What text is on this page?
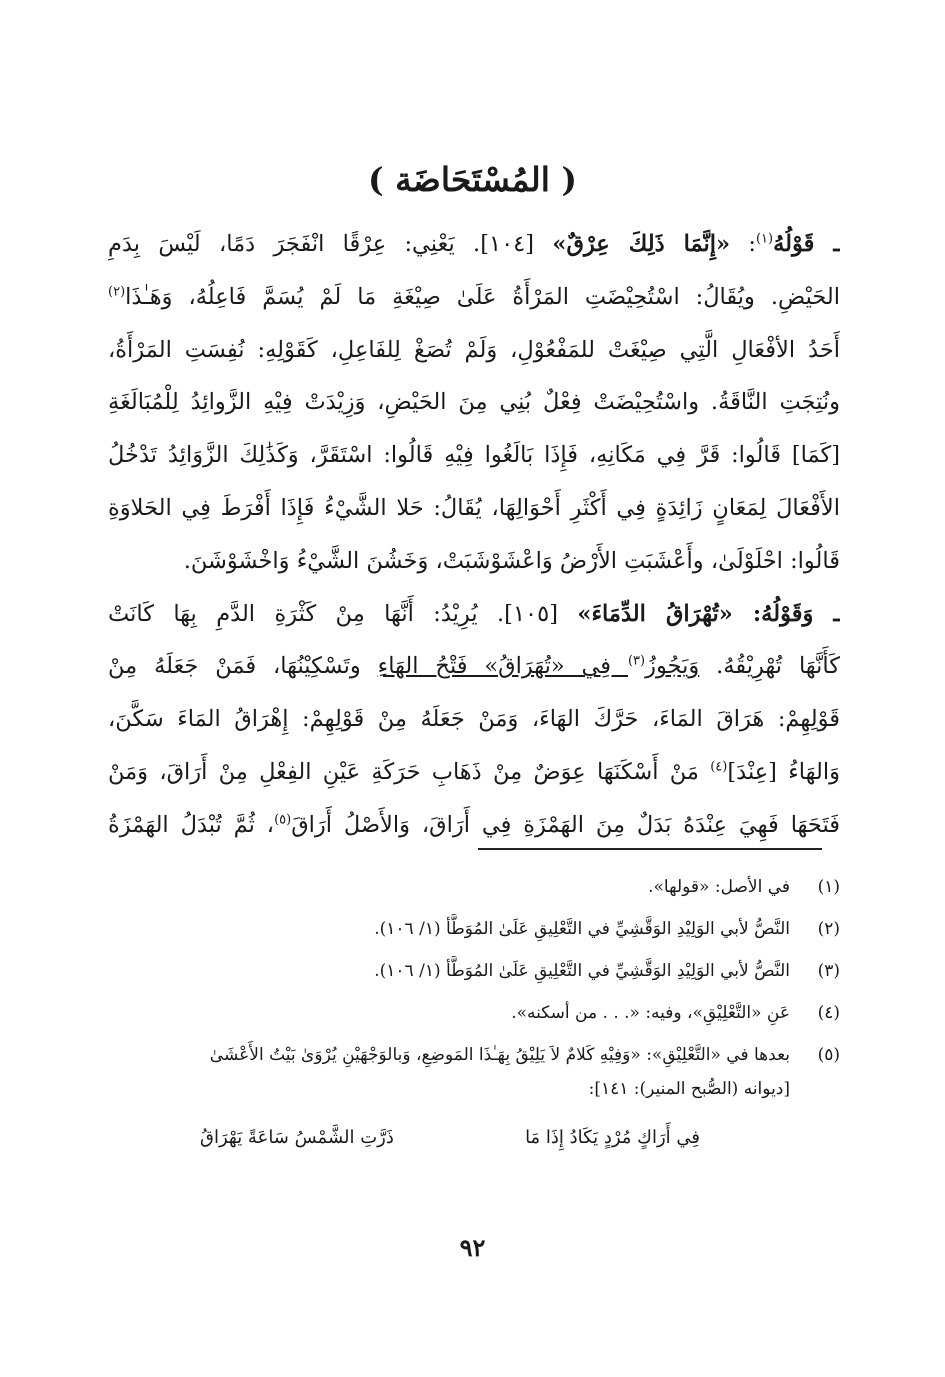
( المُسْتَحَاضَة )
ـ قَوْلُهُ$^{(١)}$: «إِنَّمَا ذَلِكَ عِرْقٌ» [١٠٤]. يَعْنِي: عِرْقًا انْفَجَرَ دَمًا، لَيْسَ بِدَمِ
الحَيْضِ. ويُقَالُ: اسْتُحِيْضَتِ المَرْأَةُ عَلَىٰ صِيْغَةِ مَا لَمْ يُسَمَّ فَاعِلُهُ، وَهَـٰذَا$^{(٢)}$
أَحَدُ الأفْعَالِ الَّتِي صِيْغَتْ للمَفْعُوْلِ، وَلَمْ تُصَغْ لِلفَاعِلِ، كَقَوْلِهِ: نُفِسَتِ المَرْأَةُ،
ونُتِجَتِ النَّاقَةُ. واسْتُحِيْضَتْ فِعْلٌ بُنِي مِنَ الحَيْضِ، وَزِيْدَتْ فِيْهِ الزَّوائِدُ لِلْمُبَالَغَةِ
[كَمَا] قَالُوا: قَرَّ فِي مَكَانِهِ، فَإِذَا بَالَغُوا فِيْهِ قَالُوا: اسْتَقَرَّ، وَكَذَٰلِكَ الزَّوَائِدُ تَدْخُلُ
الأَفْعَالَ لِمَعَانٍ زَائِدَةٍ فِي أَكْثَرِ أَحْوَالِهَا، يُقَالُ: حَلا الشَّيْءُ فَإِذَا أَفْرَطَ فِي الحَلاوَةِ
قَالُوا: احْلَوْلَىٰ، وأَعْشَبَتِ الأَرْضُ وَاعْشَوْشَبَتْ، وَخَشُنَ الشَّيْءُ وَاخْشَوْشَنَ.
ـ وَقَوْلُهُ: «تُهْرَاقُ الدِّمَاءَ» [١٠٥]. يُرِيْدُ: أَنَّهَا مِنْ كَثْرَةِ الدَّمِ بِهَا كَانَتْ
كَأَنَّهَا تُهْرِيْقُهُ. وَيَجُوزُ$^{(٣)}$ فِي «تُهَرَاقُ» فَتْحُ الهَاءِ وتَسْكِيْنُهَا، فَمَنْ جَعَلَهُ مِنْ
قَوْلِهِمْ: هَرَاقَ المَاءَ، حَرَّكَ الهَاءَ، وَمَنْ جَعَلَهُ مِنْ قَوْلِهِمْ: إِهْرَاقُ المَاءَ سَكَّنَ،
وَالهَاءُ [عِنْدَ]$^{(٤)}$ مَنْ أَسْكَنَهَا عِوَضٌ مِنْ ذَهَابِ حَرَكَةِ عَيْنِ الفِعْلِ مِنْ أَرَاقَ، وَمَنْ
فَتَحَهَا فَهِيَ عِنْدَهُ بَدَلٌ مِنَ الهَمْزَةِ فِي أَرَاقَ، وَالأَصْلُ أَرَاقَ$^{(٥)}$، ثُمَّ تُبْدَلُ الهَمْزَةُ
(١)
في الأصل: «قولها».
(٢)
النَّصُّ لأبي الوَلِيْدِ الوَقَّشِيِّ في التَّعْلِيقِ عَلَىٰ المُوَطَّأ (١/ ١٠٦).
(٣)
النَّصُّ لأبي الوَلِيْدِ الوَقَّشِيِّ في التَّعْلِيقِ عَلَىٰ المُوَطَّأ (١/ ١٠٦).
(٤)
عَنِ «التَّعْلِيْقِ»، وفيه: «. . . من أسكنه».
(٥)
بعدها في «التَّعْلِيْقِ»: «وَفِيْهِ كَلامٌ لاَ يَلِيْقُ بِهَـٰذَا المَوضِعِ، وَبالوَجْهَيْنِ يُرْوَىٰ بَيْتُ الأَعْشَىٰ
[ديوانه (الصُّبح المنير): ١٤١]:
فِي أَرَاكٍ مُرْدٍ يَكَادُ إِذَا مَا
ذَرَّتِ الشَّمْسُ سَاعَةً يَهْرَاقُ
٩٢
